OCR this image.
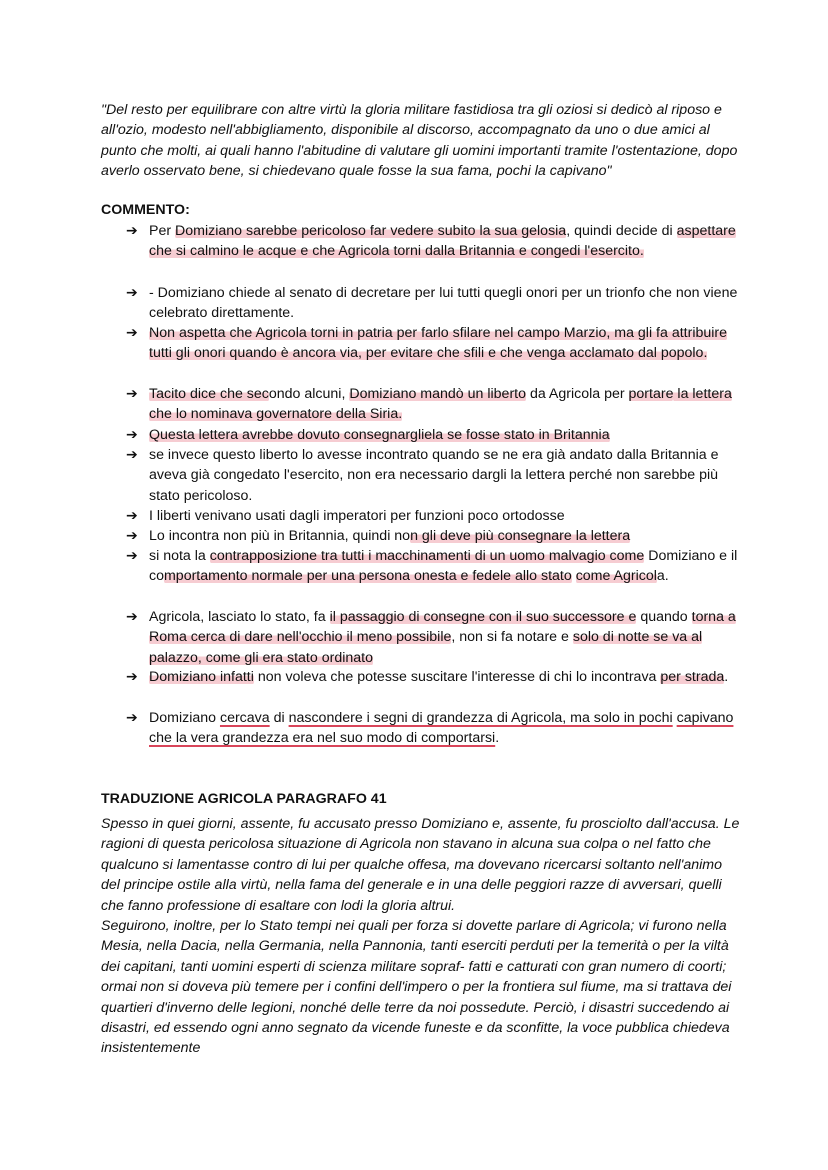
"Del resto per equilibrare con altre virtù la gloria militare fastidiosa tra gli oziosi si dedicò al riposo e all'ozio, modesto nell'abbigliamento, disponibile al discorso, accompagnato da uno o due amici al punto che molti, ai quali hanno l'abitudine di valutare gli uomini importanti tramite l'ostentazione, dopo averlo osservato bene, si chiedevano quale fosse la sua fama, pochi la capivano"
COMMENTO:
➔ Per Domiziano sarebbe pericoloso far vedere subito la sua gelosia, quindi decide di aspettare che si calmino le acque e che Agricola torni dalla Britannia e congedi l'esercito.
➔ - Domiziano chiede al senato di decretare per lui tutti quegli onori per un trionfo che non viene celebrato direttamente.
➔ Non aspetta che Agricola torni in patria per farlo sfilare nel campo Marzio, ma gli fa attribuire tutti gli onori quando è ancora via, per evitare che sfili e che venga acclamato dal popolo.
➔ Tacito dice che secondo alcuni, Domiziano mandò un liberto da Agricola per portare la lettera che lo nominava governatore della Siria.
➔ Questa lettera avrebbe dovuto consegnargliela se fosse stato in Britannia
➔ se invece questo liberto lo avesse incontrato quando se ne era già andato dalla Britannia e aveva già congedato l'esercito, non era necessario dargli la lettera perché non sarebbe più stato pericoloso.
➔ I liberti venivano usati dagli imperatori per funzioni poco ortodosse
➔ Lo incontra non più in Britannia, quindi non gli deve più consegnare la lettera
➔ si nota la contrapposizione tra tutti i macchinamenti di un uomo malvagio come Domiziano e il comportamento normale per una persona onesta e fedele allo stato come Agricola.
➔ Agricola, lasciato lo stato, fa il passaggio di consegne con il suo successore e quando torna a Roma cerca di dare nell'occhio il meno possibile, non si fa notare e solo di notte se va al palazzo, come gli era stato ordinato
➔ Domiziano infatti non voleva che potesse suscitare l'interesse di chi lo incontrava per strada.
➔ Domiziano cercava di nascondere i segni di grandezza di Agricola, ma solo in pochi capivano che la vera grandezza era nel suo modo di comportarsi.
TRADUZIONE AGRICOLA PARAGRAFO 41

Spesso in quei giorni, assente, fu accusato presso Domiziano e, assente, fu prosciolto dall'accusa. Le ragioni di questa pericolosa situazione di Agricola non stavano in alcuna sua colpa o nel fatto che qualcuno si lamentasse contro di lui per qualche offesa, ma dovevano ricercarsi soltanto nell'animo del principe ostile alla virtù, nella fama del generale e in una delle peggiori razze di avversari, quelli che fanno professione di esaltare con lodi la gloria altrui.

Seguirono, inoltre, per lo Stato tempi nei quali per forza si dovette parlare di Agricola; vi furono nella Mesia, nella Dacia, nella Germania, nella Pannonia, tanti eserciti perduti per la temerità o per la viltà dei capitani, tanti uomini esperti di scienza militare sopraf- fatti e catturati con gran numero di coorti; ormai non si doveva più temere per i confini dell'impero o per la frontiera sul fiume, ma si trattava dei quartieri d'inverno delle legioni, nonché delle terre da noi possedute. Perciò, i disastri succedendo ai disastri, ed essendo ogni anno segnato da vicende funeste e da sconfitte, la voce pubblica chiedeva insistentemente
